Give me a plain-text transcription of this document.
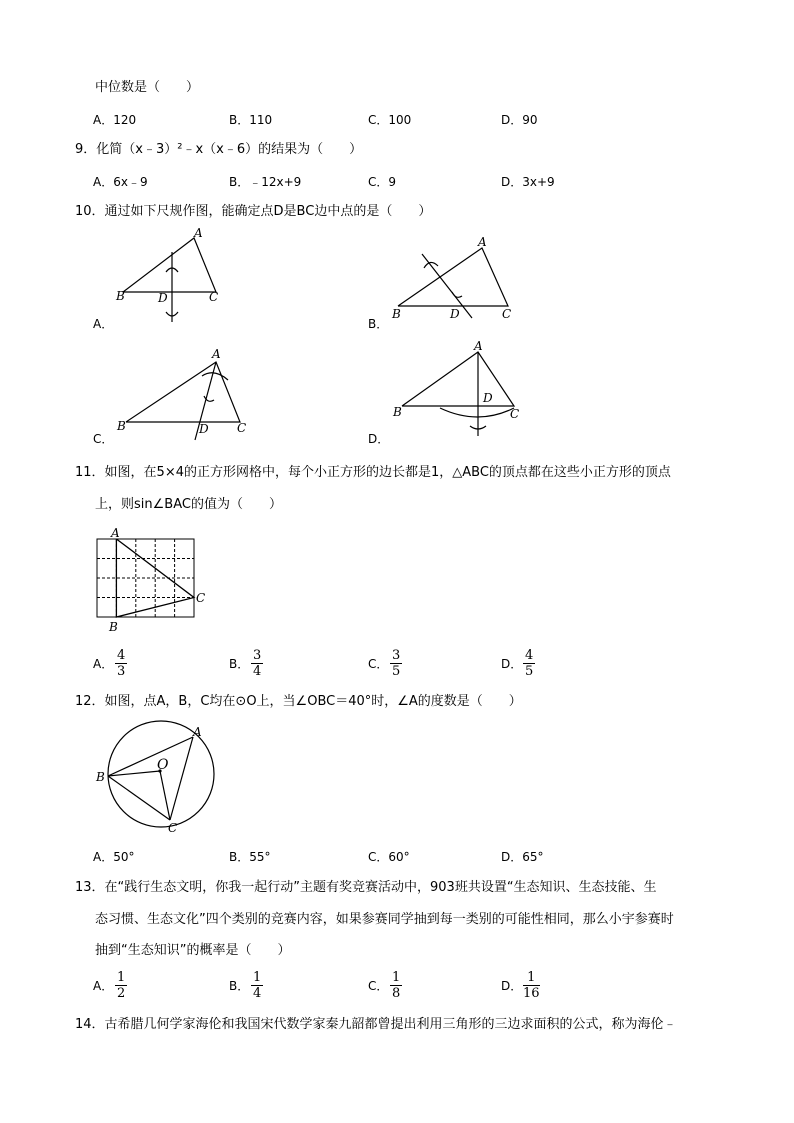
中位数是（　　）
A．120	B．110	C．100	D．90
9．化简（x﹣3）²﹣x（x﹣6）的结果为（　　）
A．6x﹣9	B．﹣12x+9	C．9	D．3x+9
10．通过如下尺规作图，能确定点D是BC边中点的是（　　）
B
A
C
D
A．
B
A
C
D
B．
B
A
C
D
C．
B
A
C
D
D．
11．如图，在5×4的正方形网格中，每个小正方形的边长都是1，△ABC的顶点都在这些小正方形的顶点
上，则sin∠BAC的值为（　　）
A
B
C
A． $\frac{4}{3}$	B． $\frac{3}{4}$	C． $\frac{3}{5}$	D． $\frac{4}{5}$
12．如图，点A，B，C均在⊙O上，当∠OBC＝40°时，∠A的度数是（　　）
A
B
C
O
A．50°	B．55°	C．60°	D．65°
13．在“践行生态文明，你我一起行动”主题有奖竞赛活动中，903班共设置“生态知识、生态技能、生
态习惯、生态文化”四个类别的竞赛内容，如果参赛同学抽到每一类别的可能性相同，那么小宇参赛时
抽到“生态知识”的概率是（　　）
A． $\frac{1}{2}$	B． $\frac{1}{4}$	C． $\frac{1}{8}$	D． $\frac{1}{16}$
14．古希腊几何学家海伦和我国宋代数学家秦九韶都曾提出利用三角形的三边求面积的公式，称为海伦﹣
